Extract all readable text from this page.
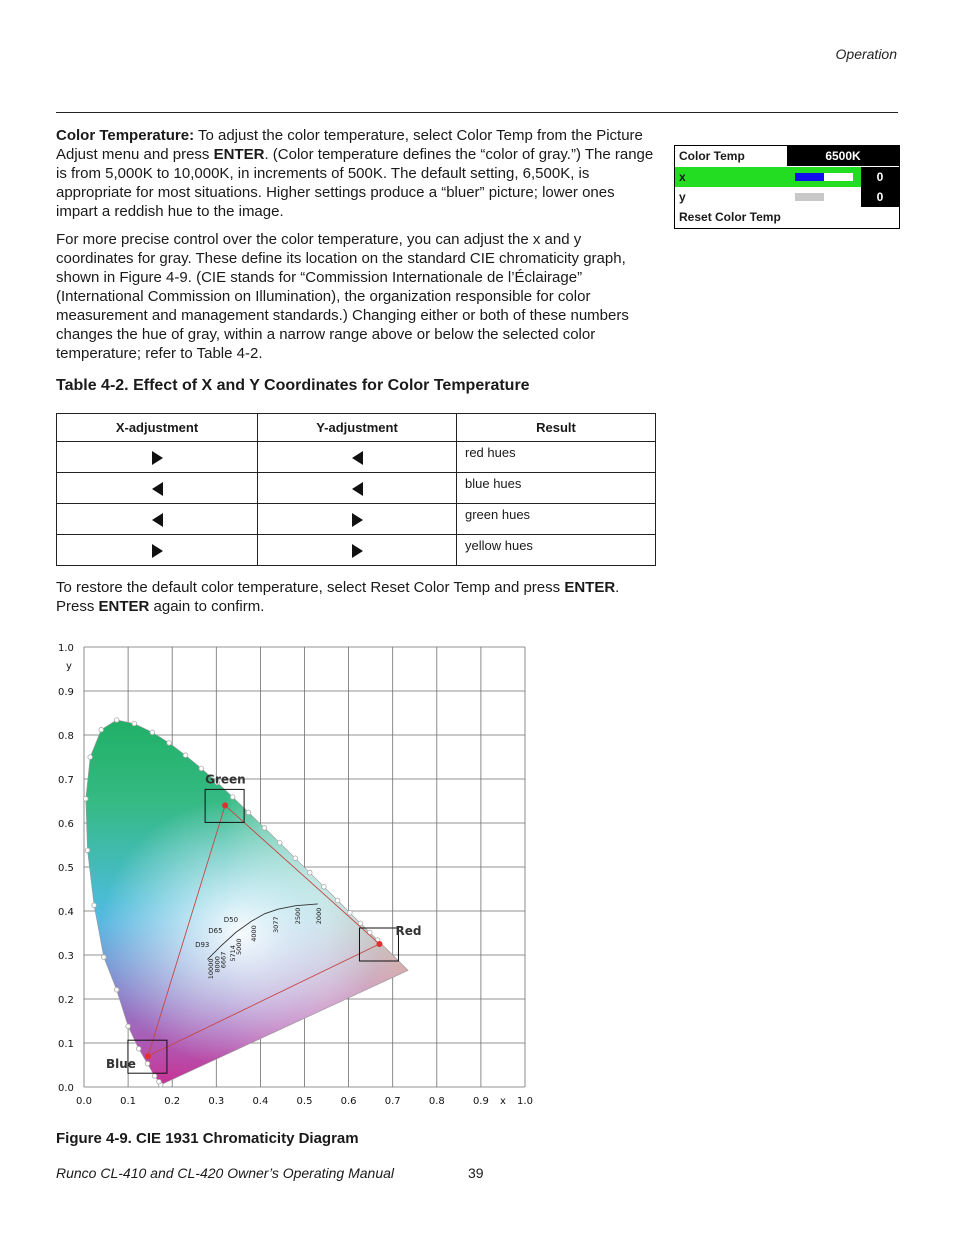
Operation

Color Temperature: To adjust the color temperature, select Color Temp from the Picture Adjust menu and press ENTER. (Color temperature defines the “color of gray.”) The range is from 5,000K to 10,000K, in increments of 500K. The default setting, 6,500K, is appropriate for most situations. Higher settings produce a “bluer” picture; lower ones impart a reddish hue to the image.

For more precise control over the color temperature, you can adjust the x and y coordinates for gray. These define its location on the standard CIE chromaticity graph, shown in Figure 4-9. (CIE stands for “Commission Internationale de l’Éclairage” (International Commission on Illumination), the organization responsible for color measurement and management standards.) Changing either or both of these numbers changes the hue of gray, within a narrow range above or below the selected color temperature; refer to Table 4-2.

Color Temp	6500K
x	0
y	0
Reset Color Temp
Table 4-2. Effect of X and Y Coordinates for Color Temperature
X-adjustment	Y-adjustment	Result
		red hues
		blue hues
		green hues
		yellow hues

To restore the default color temperature, select Reset Color Temp and press ENTER. Press ENTER again to confirm.

D50
D65
D93
10000
8000
6667 5714
5000
4000
3077
2500 2000
Green
Red
Blue
0.0	0.1	0.2	0.3	0.4	0.5	0.6	0.7	0.8	0.9 x 1.0
0.0
0.1
0.2
0.3
0.4
0.5
0.6
0.7
0.8
0.9
1.0
y

Figure 4-9. CIE 1931 Chromaticity Diagram

Runco CL-410 and CL-420 Owner’s Operating Manual	39
